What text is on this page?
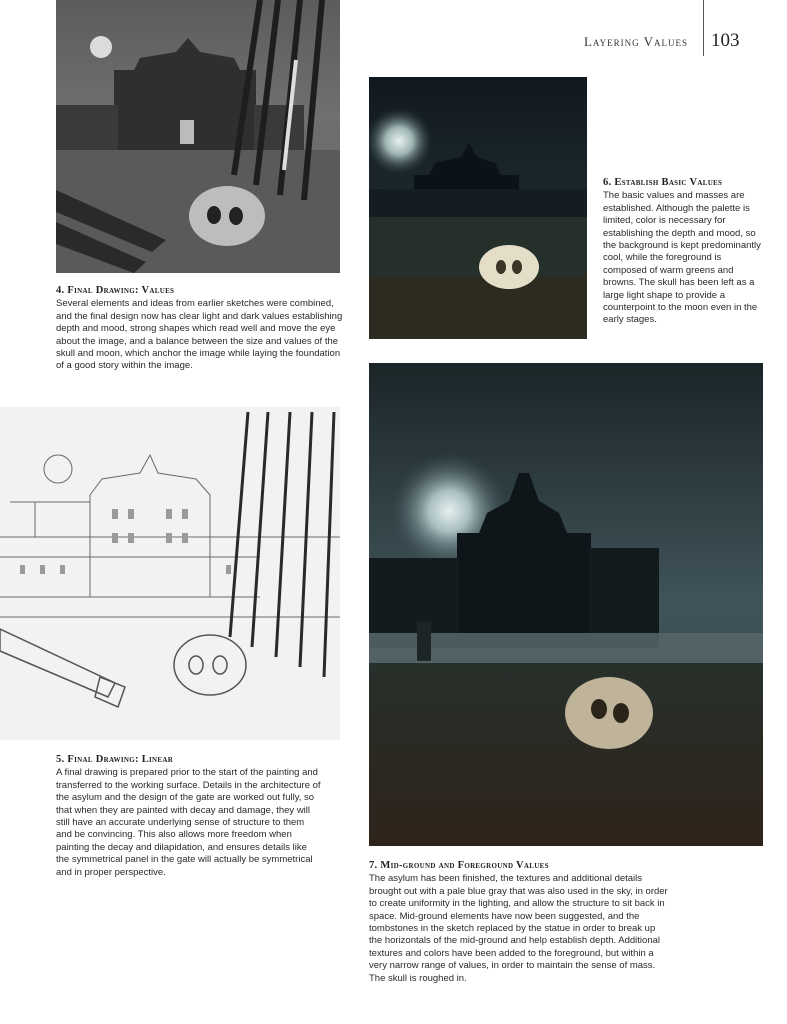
Layering Values 103
4. Final Drawing: Values

Several elements and ideas from earlier sketches were combined, and the final design now has clear light and dark values establishing depth and mood, strong shapes which read well and move the eye about the image, and a balance between the size and values of the skull and moon, which anchor the image while laying the foundation of a good story within the image.

6. Establish Basic Values

The basic values and masses are established. Although the palette is limited, color is necessary for establishing the depth and mood, so the background is kept predominantly cool, while the foreground is composed of warm greens and browns. The skull has been left as a large light shape to provide a counterpoint to the moon even in the early stages.

5. Final Drawing: Linear

A final drawing is prepared prior to the start of the painting and transferred to the working surface. Details in the architecture of the asylum and the design of the gate are worked out fully, so that when they are painted with decay and damage, they will still have an accurate underlying sense of structure to them and be convincing. This also allows more freedom when painting the decay and dilapidation, and ensures details like the symmetrical panel in the gate will actually be symmetrical and in proper perspective.

7. Mid-ground and Foreground Values

The asylum has been finished, the textures and additional details brought out with a pale blue gray that was also used in the sky, in order to create uniformity in the lighting, and allow the structure to sit back in space. Mid-ground elements have now been suggested, and the tombstones in the sketch replaced by the statue in order to break up the horizontals of the mid-ground and help establish depth. Additional textures and colors have been added to the foreground, but within a very narrow range of values, in order to maintain the sense of mass. The skull is roughed in.
